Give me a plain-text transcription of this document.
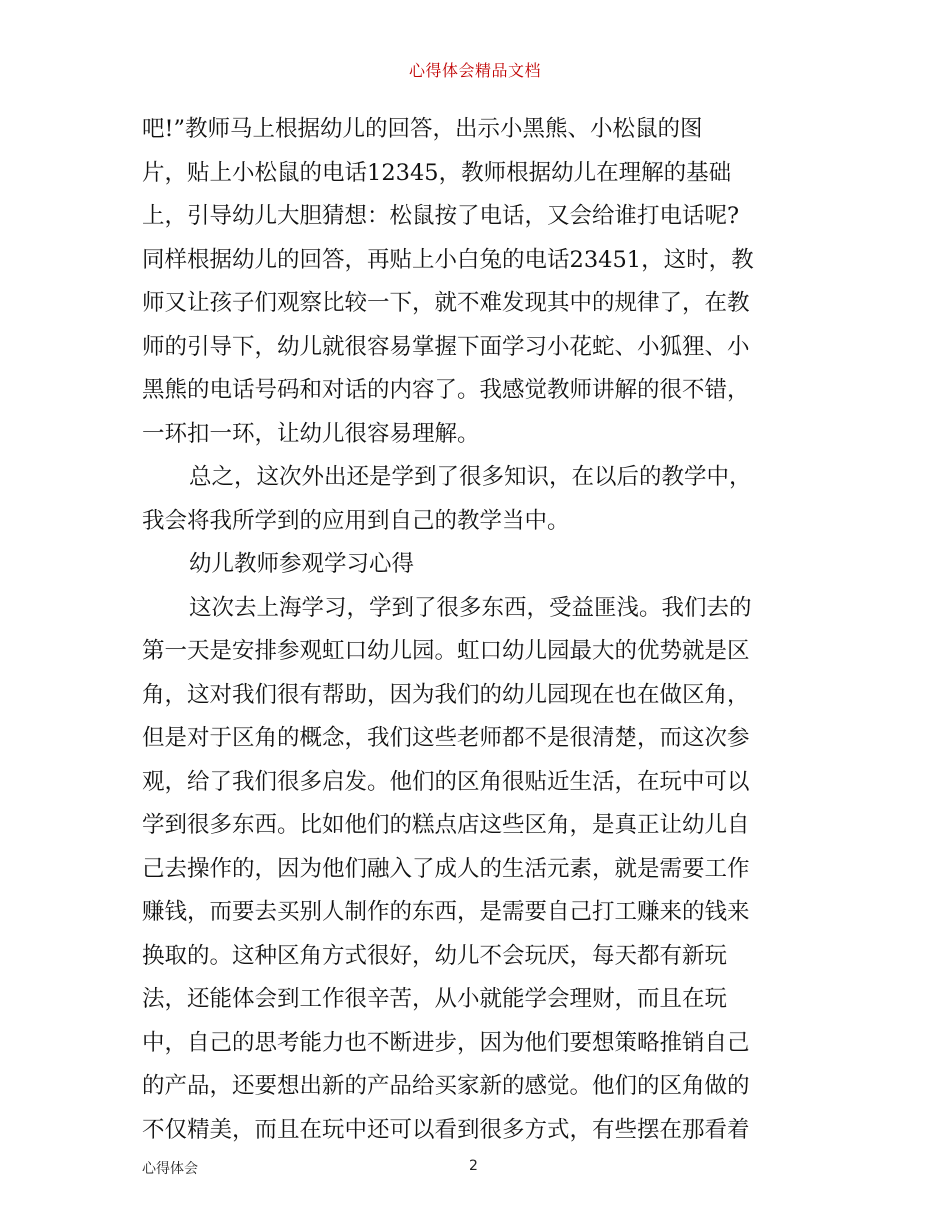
心得体会精品文档
吧!”教师马上根据幼儿的回答，出示小黑熊、小松鼠的图
片，贴上小松鼠的电话12345，教师根据幼儿在理解的基础
上，引导幼儿大胆猜想：松鼠按了电话，又会给谁打电话呢?
同样根据幼儿的回答，再贴上小白兔的电话23451，这时，教
师又让孩子们观察比较一下，就不难发现其中的规律了，在教
师的引导下，幼儿就很容易掌握下面学习小花蛇、小狐狸、小
黑熊的电话号码和对话的内容了。我感觉教师讲解的很不错，
一环扣一环，让幼儿很容易理解。
总之，这次外出还是学到了很多知识，在以后的教学中，
我会将我所学到的应用到自己的教学当中。
幼儿教师参观学习心得
这次去上海学习，学到了很多东西，受益匪浅。我们去的
第一天是安排参观虹口幼儿园。虹口幼儿园最大的优势就是区
角，这对我们很有帮助，因为我们的幼儿园现在也在做区角，
但是对于区角的概念，我们这些老师都不是很清楚，而这次参
观，给了我们很多启发。他们的区角很贴近生活，在玩中可以
学到很多东西。比如他们的糕点店这些区角，是真正让幼儿自
己去操作的，因为他们融入了成人的生活元素，就是需要工作
赚钱，而要去买别人制作的东西，是需要自己打工赚来的钱来
换取的。这种区角方式很好，幼儿不会玩厌，每天都有新玩
法，还能体会到工作很辛苦，从小就能学会理财，而且在玩
中，自己的思考能力也不断进步，因为他们要想策略推销自己
的产品，还要想出新的产品给买家新的感觉。他们的区角做的
不仅精美，而且在玩中还可以看到很多方式，有些摆在那看着
心得体会	2
